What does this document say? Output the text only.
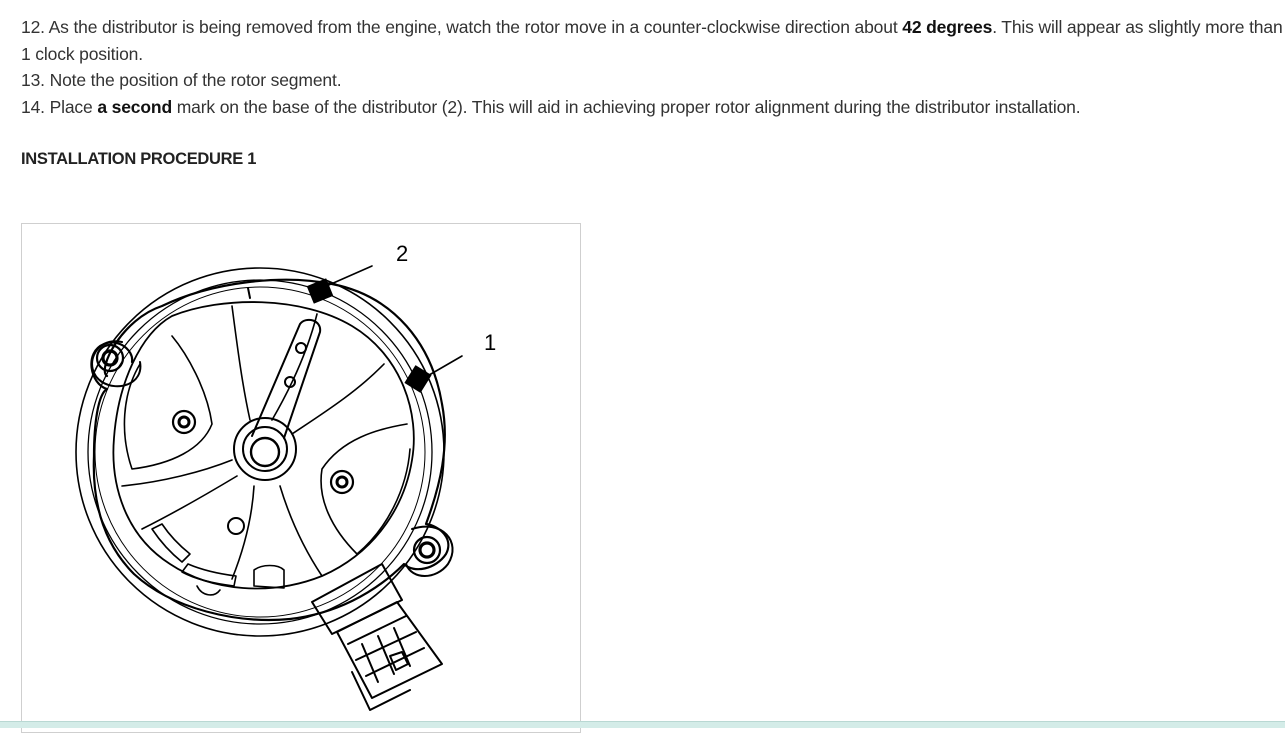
12. As the distributor is being removed from the engine, watch the rotor move in a counter-clockwise direction about 42 degrees. This will appear as slightly more than 1 clock position.

13. Note the position of the rotor segment.

14. Place a second mark on the base of the distributor (2). This will aid in achieving proper rotor alignment during the distributor installation.

INSTALLATION PROCEDURE 1
2
1
